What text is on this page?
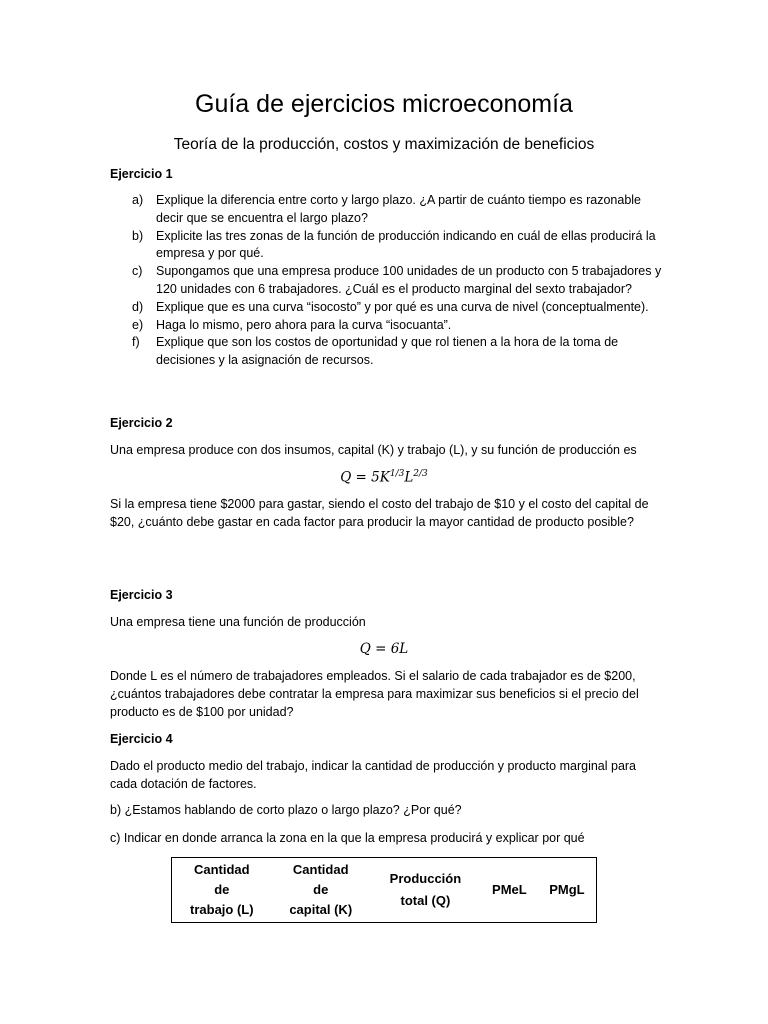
Guía de ejercicios microeconomía
Teoría de la producción, costos y maximización de beneficios
Ejercicio 1
a) Explique la diferencia entre corto y largo plazo. ¿A partir de cuánto tiempo es razonable decir que se encuentra el largo plazo?
b) Explicite las tres zonas de la función de producción indicando en cuál de ellas producirá la empresa y por qué.
c) Supongamos que una empresa produce 100 unidades de un producto con 5 trabajadores y 120 unidades con 6 trabajadores. ¿Cuál es el producto marginal del sexto trabajador?
d) Explique que es una curva “isocosto” y por qué es una curva de nivel (conceptualmente).
e) Haga lo mismo, pero ahora para la curva “isocuanta”.
f) Explique que son los costos de oportunidad y que rol tienen a la hora de la toma de decisiones y la asignación de recursos.
Ejercicio 2
Una empresa produce con dos insumos, capital (K) y trabajo (L), y su función de producción es
$Q = 5K^{1/3}L^{2/3}$
Si la empresa tiene $2000 para gastar, siendo el costo del trabajo de $10 y el costo del capital de $20, ¿cuánto debe gastar en cada factor para producir la mayor cantidad de producto posible?
Ejercicio 3
Una empresa tiene una función de producción
Q = 6L
Donde L es el número de trabajadores empleados. Si el salario de cada trabajador es de $200, ¿cuántos trabajadores debe contratar la empresa para maximizar sus beneficios si el precio del producto es de $100 por unidad?
Ejercicio 4
Dado el producto medio del trabajo, indicar la cantidad de producción y producto marginal para cada dotación de factores.
b) ¿Estamos hablando de corto plazo o largo plazo? ¿Por qué?
c) Indicar en donde arranca la zona en la que la empresa producirá y explicar por qué
Cantidad
de
trabajo (L)

Cantidad
de
capital (K)

Producción
total (Q)

PMeL	PMgL
